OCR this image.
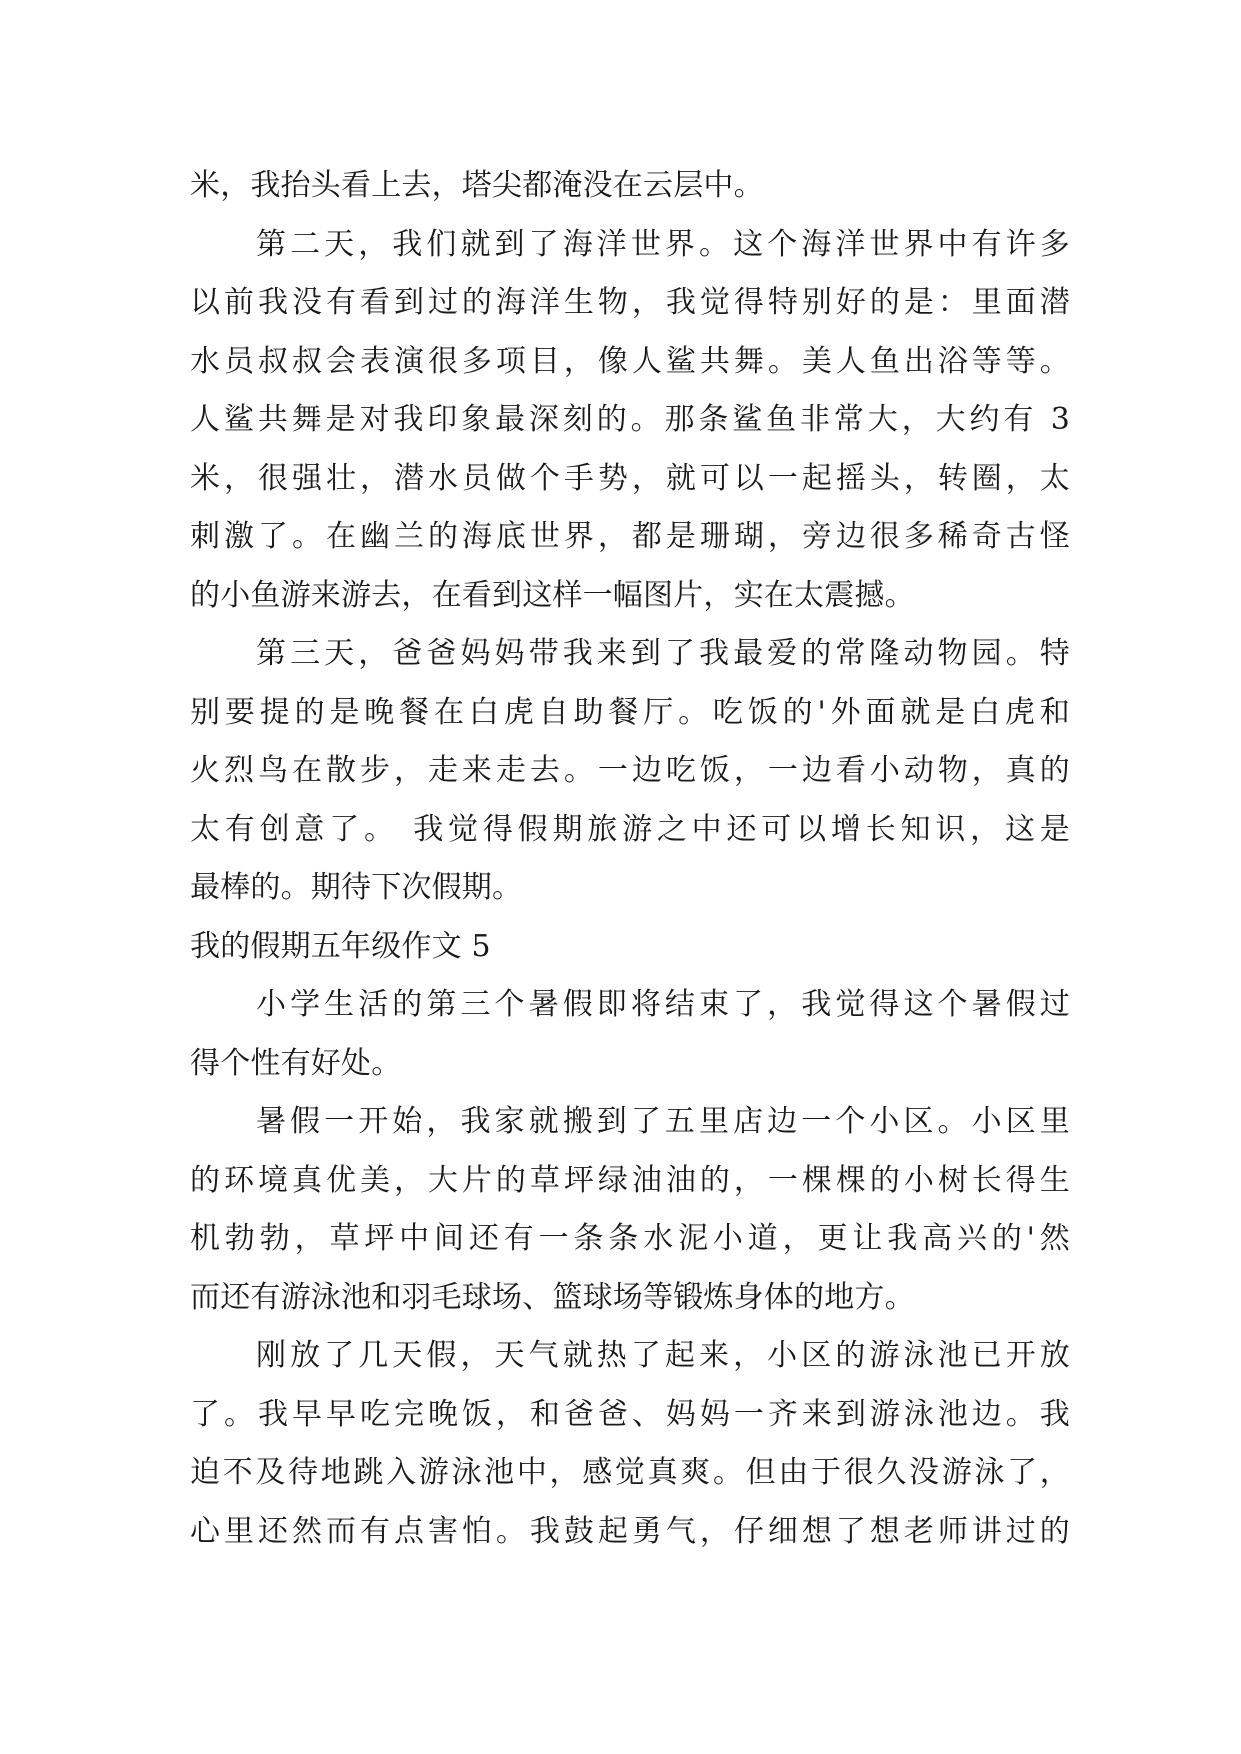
米，我抬头看上去，塔尖都淹没在云层中。
第二天，我们就到了海洋世界。这个海洋世界中有许多
以前我没有看到过的海洋生物，我觉得特别好的是：里面潜
水员叔叔会表演很多项目，像人鲨共舞。美人鱼出浴等等。
人鲨共舞是对我印象最深刻的。那条鲨鱼非常大，大约有 3
米，很强壮，潜水员做个手势，就可以一起摇头，转圈，太
刺激了。在幽兰的海底世界，都是珊瑚，旁边很多稀奇古怪
的小鱼游来游去，在看到这样一幅图片，实在太震撼。
第三天，爸爸妈妈带我来到了我最爱的常隆动物园。特
别要提的是晚餐在白虎自助餐厅。吃饭的'外面就是白虎和
火烈鸟在散步，走来走去。一边吃饭，一边看小动物，真的
太有创意了。 我觉得假期旅游之中还可以增长知识，这是
最棒的。期待下次假期。
我的假期五年级作文 5
小学生活的第三个暑假即将结束了，我觉得这个暑假过
得个性有好处。
暑假一开始，我家就搬到了五里店边一个小区。小区里
的环境真优美，大片的草坪绿油油的，一棵棵的小树长得生
机勃勃，草坪中间还有一条条水泥小道，更让我高兴的'然
而还有游泳池和羽毛球场、篮球场等锻炼身体的地方。
刚放了几天假，天气就热了起来，小区的游泳池已开放
了。我早早吃完晚饭，和爸爸、妈妈一齐来到游泳池边。我
迫不及待地跳入游泳池中，感觉真爽。但由于很久没游泳了，
心里还然而有点害怕。我鼓起勇气，仔细想了想老师讲过的
